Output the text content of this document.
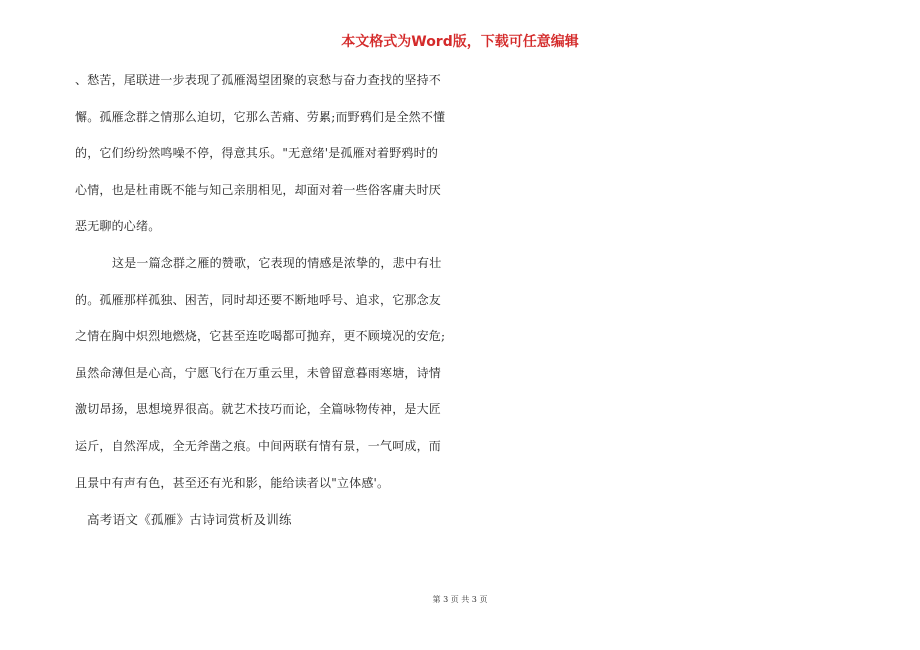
本文格式为Word版，下载可任意编辑
、愁苦，尾联进一步表现了孤雁渴望团聚的哀愁与奋力查找的坚持不
懈。孤雁念群之情那么迫切，它那么苦痛、劳累;而野鸦们是全然不懂
的，它们纷纷然鸣噪不停，得意其乐。"无意绪'是孤雁对着野鸦时的
心情，也是杜甫既不能与知己亲朋相见，却面对着一些俗客庸夫时厌
恶无聊的心绪。
这是一篇念群之雁的赞歌，它表现的情感是浓挚的，悲中有壮
的。孤雁那样孤独、困苦，同时却还要不断地呼号、追求，它那念友
之情在胸中炽烈地燃烧，它甚至连吃喝都可抛弃，更不顾境况的安危;
虽然命薄但是心高，宁愿飞行在万重云里，未曾留意暮雨寒塘，诗情
激切昂扬，思想境界很高。就艺术技巧而论，全篇咏物传神，是大匠
运斤，自然浑成，全无斧凿之痕。中间两联有情有景，一气呵成，而
且景中有声有色，甚至还有光和影，能给读者以"立体感'。
高考语文《孤雁》古诗词赏析及训练
第 3 页 共 3 页
